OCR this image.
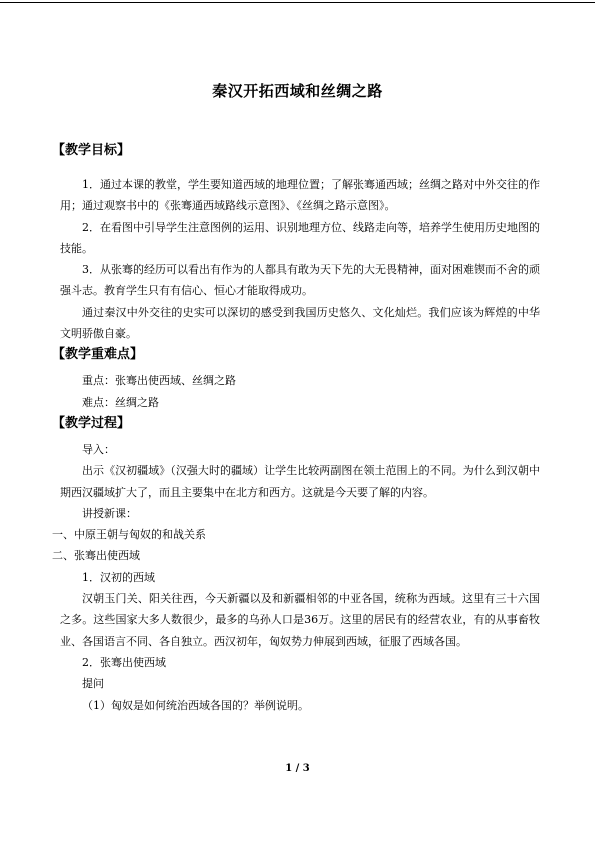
秦汉开拓西域和丝绸之路
【教学目标】
1．通过本课的教堂，学生要知道西域的地理位置；了解张骞通西域；丝绸之路对中外交往的作用；通过观察书中的《张骞通西域路线示意图》、《丝绸之路示意图》。
2．在看图中引导学生注意图例的运用、识别地理方位、线路走向等，培养学生使用历史地图的技能。
3．从张骞的经历可以看出有作为的人都具有敢为天下先的大无畏精神，面对困难锲而不舍的顽强斗志。教育学生只有有信心、恒心才能取得成功。
通过秦汉中外交往的史实可以深切的感受到我国历史悠久、文化灿烂。我们应该为辉煌的中华文明骄傲自豪。
【教学重难点】
重点：张骞出使西域、丝绸之路
难点：丝绸之路
【教学过程】
导入：
出示《汉初疆域》（汉强大时的疆域）让学生比较两副图在领土范围上的不同。为什么到汉朝中期西汉疆域扩大了，而且主要集中在北方和西方。这就是今天要了解的内容。
讲授新课：
一、中原王朝与匈奴的和战关系
二、张骞出使西域
1．汉初的西域
汉朝玉门关、阳关往西，今天新疆以及和新疆相邻的中亚各国，统称为西域。这里有三十六国之多。这些国家大多人数很少，最多的乌孙人口是36万。这里的居民有的经营农业，有的从事畜牧业、各国语言不同、各自独立。西汉初年，匈奴势力伸展到西域，征服了西域各国。
2．张骞出使西域
提问
（1）匈奴是如何统治西域各国的？举例说明。
1 / 3
